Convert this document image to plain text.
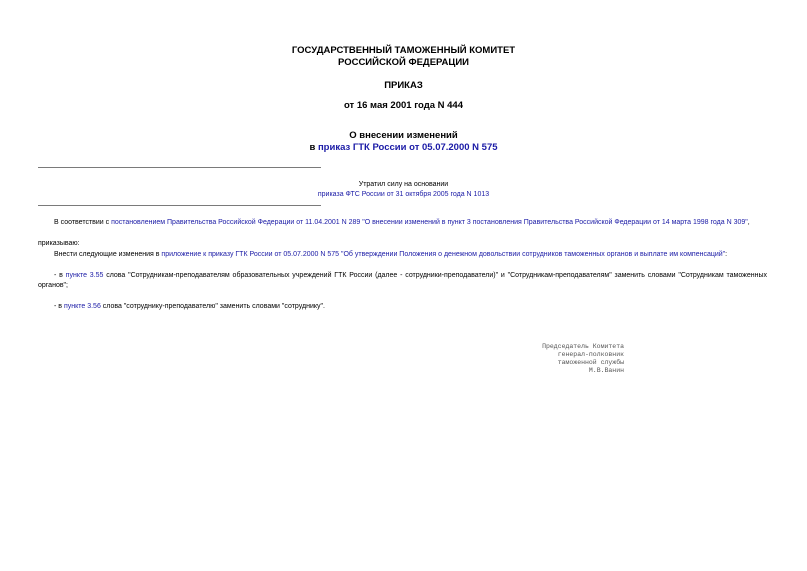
ГОСУДАРСТВЕННЫЙ ТАМОЖЕННЫЙ КОМИТЕТ
РОССИЙСКОЙ ФЕДЕРАЦИИ
ПРИКАЗ
от 16 мая 2001 года N 444
О внесении изменений
в приказ ГТК России от 05.07.2000 N 575
Утратил силу на основании
приказа ФТС России от 31 октября 2005 года N 1013
В соответствии с постановлением Правительства Российской Федерации от 11.04.2001 N 289 "О внесении изменений в пункт 3 постановления Правительства Российской Федерации от 14 марта 1998 года N 309",
приказываю:
Внести следующие изменения в приложение к приказу ГТК России от 05.07.2000 N 575 "Об утверждении Положения о денежном довольствии сотрудников таможенных органов и выплате им компенсаций":
- в пункте 3.55 слова "Сотрудникам-преподавателям образовательных учреждений ГТК России (далее - сотрудники-преподаватели)" и "Сотрудникам-преподавателям" заменить словами "Сотрудникам таможенных органов";
- в пункте 3.56 слова "сотруднику-преподавателю" заменить словами "сотруднику".
Председатель Комитета
генерал-полковник
таможенной службы
М.В.Ванин
